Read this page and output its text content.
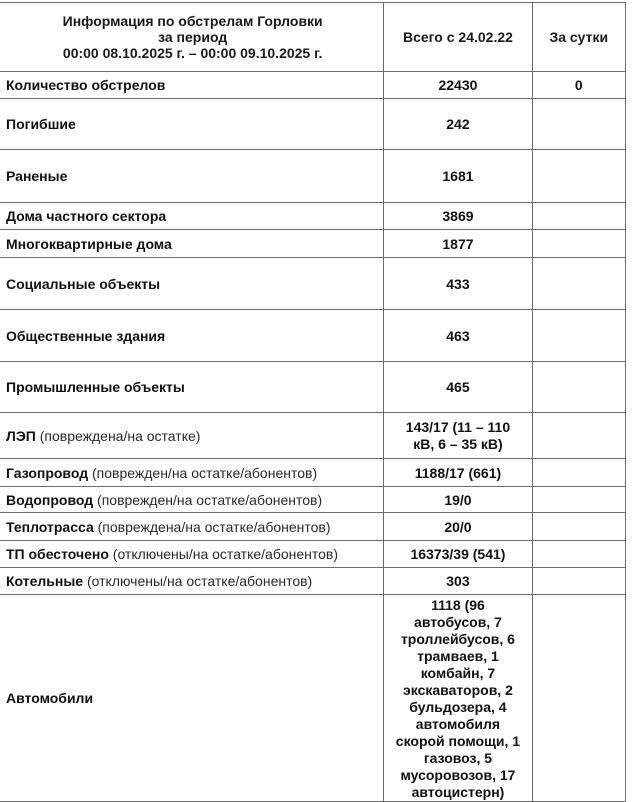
Информация по обстрелам Горловки
за период
00:00 08.10.2025 г. – 00:00 09.10.2025 г.	Всего с 24.02.22	За сутки
Количество обстрелов	22430	0
Погибшие	242	
Раненые	1681	
Дома частного сектора	3869	
Многоквартирные дома	1877	
Социальные объекты	433	
Общественные здания	463	
Промышленные объекты	465	
ЛЭП (повреждена/на остатке)	143/17 (11 – 110 кВ, 6 – 35 кВ)	

Газопровод (поврежден/на остатке/абонентов)	1188/17 (661)	
Водопровод (поврежден/на остатке/абонентов)	19/0	
Теплотрасса (повреждена/на остатке/абонентов)	20/0	
ТП обесточено (отключены/на остатке/абонентов)	16373/39 (541)	
Котельные (отключены/на остатке/абонентов)	303	
Автомобили	1118 (96 автобусов, 7 троллейбусов, 6 трамваев, 1 комбайн, 7 экскаваторов, 2 бульдозера, 4 автомобиля скорой помощи, 1 газовоз, 5 мусоровозов, 17 автоцистерн)	
